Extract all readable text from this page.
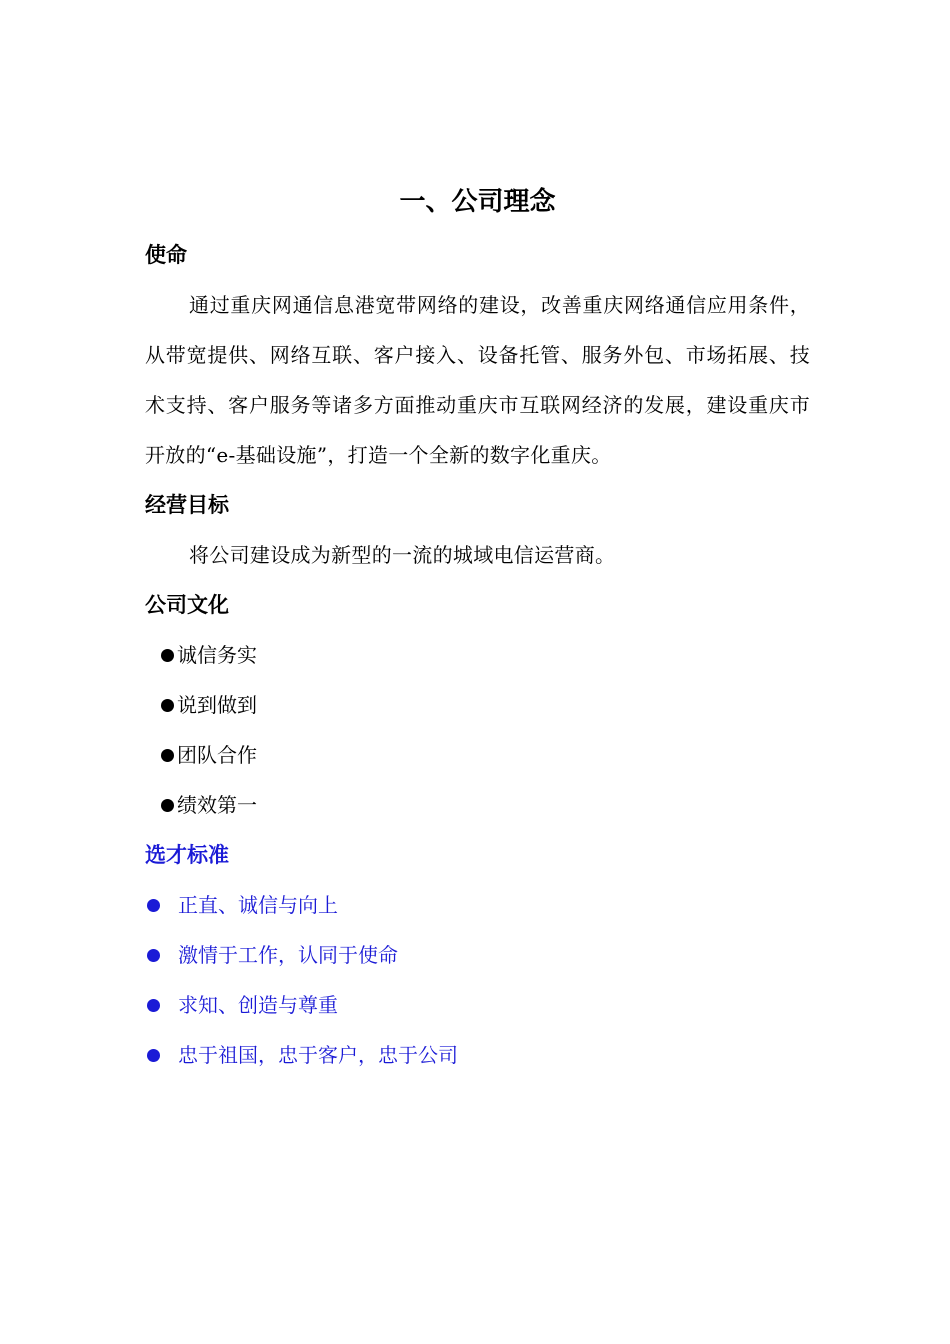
一、公司理念
使命

通过重庆网通信息港宽带网络的建设，改善重庆网络通信应用条件，从带宽提供、网络互联、客户接入、设备托管、服务外包、市场拓展、技术支持、客户服务等诸多方面推动重庆市互联网经济的发展，建设重庆市开放的“e-基础设施”，打造一个全新的数字化重庆。

经营目标

将公司建设成为新型的一流的城域电信运营商。

公司文化
诚信务实
说到做到
团队合作
绩效第一
选才标准
正直、诚信与向上
激情于工作，认同于使命
求知、创造与尊重
忠于祖国，忠于客户，忠于公司
